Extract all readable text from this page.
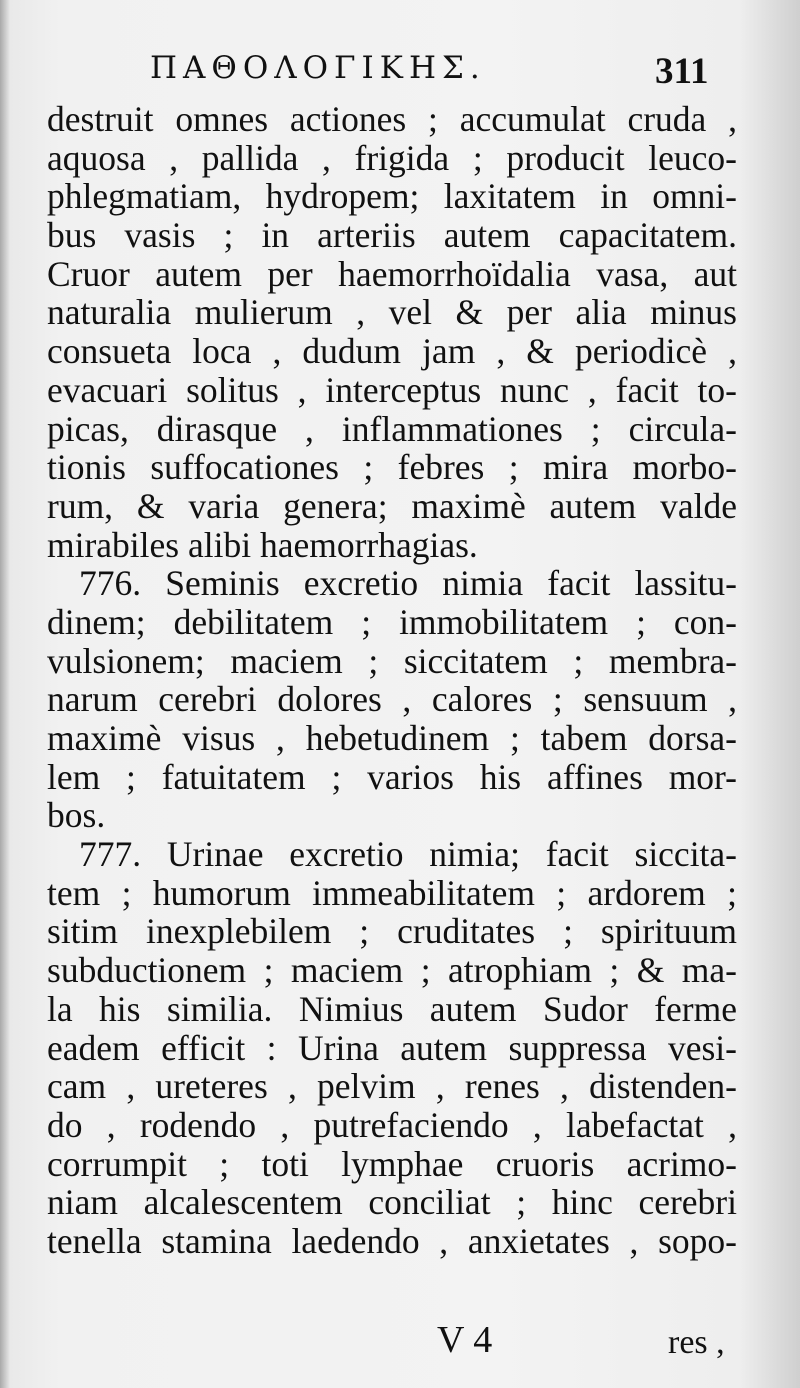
ΠΑΘΟΛΟΓΙΚΗΣ.	311
destruit omnes actiones ; accumulat cruda ,
aquosa , pallida , frigida ; producit leuco-
phlegmatiam, hydropem; laxitatem in omni-
bus vasis ; in arteriis autem capacitatem.
Cruor autem per haemorrhoïdalia vasa, aut
naturalia mulierum , vel & per alia minus
consueta loca , dudum jam , & periodicè ,
evacuari solitus , interceptus nunc , facit to-
picas, dirasque , inflammationes ; circula-
tionis suffocationes ; febres ; mira morbo-
rum, & varia genera; maximè autem valde
mirabiles alibi haemorrhagias.
776. Seminis excretio nimia facit lassitu-
dinem; debilitatem ; immobilitatem ; con-
vulsionem; maciem ; siccitatem ; membra-
narum cerebri dolores , calores ; sensuum ,
maximè visus , hebetudinem ; tabem dorsa-
lem ; fatuitatem ; varios his affines mor-
bos.
777. Urinae excretio nimia; facit siccita-
tem ; humorum immeabilitatem ; ardorem ;
sitim inexplebilem ; cruditates ; spirituum
subductionem ; maciem ; atrophiam ; & ma-
la his similia. Nimius autem Sudor ferme
eadem efficit : Urina autem suppressa vesi-
cam , ureteres , pelvim , renes , distenden-
do , rodendo , putrefaciendo , labefactat ,
corrumpit ; toti lymphae cruoris acrimo-
niam alcalescentem conciliat ; hinc cerebri
tenella stamina laedendo , anxietates , sopo-
V 4	res ,
